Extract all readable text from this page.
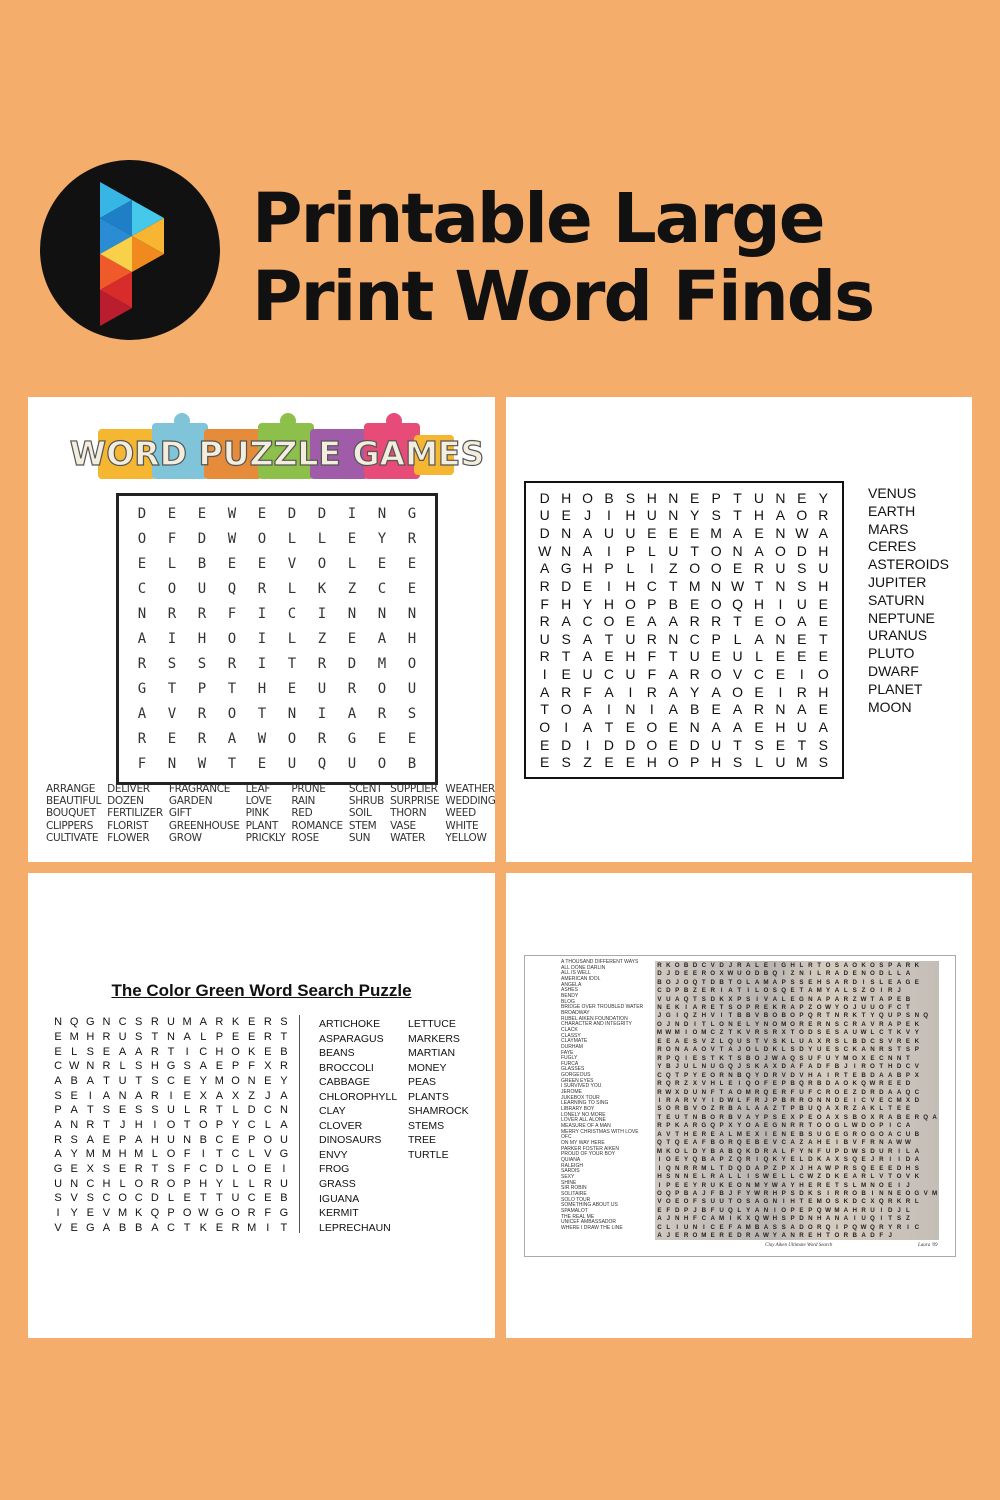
Printable Large
Print Word Finds
WORD PUZZLE GAMES
D	E	E	W	E	D	D	I	N	G
O	F	D	W	O	L	L	E	Y	R
E	L	B	E	E	V	O	L	E	E
C	O	U	Q	R	L	K	Z	C	E
N	R	R	F	I	C	I	N	N	N
A	I	H	O	I	L	Z	E	A	H
R	S	S	R	I	T	R	D	M	O
G	T	P	T	H	E	U	R	O	U
A	V	R	O	T	N	I	A	R	S
R	E	R	A	W	O	R	G	E	E
F	N	W	T	E	U	Q	U	O	B
ARRANGE
BEAUTIFUL
BOUQUET
CLIPPERS
CULTIVATE
DELIVER
DOZEN
FERTILIZER
FLORIST
FLOWER
FRAGRANCE
GARDEN
GIFT
GREENHOUSE
GROW
LEAF
LOVE
PINK
PLANT
PRICKLY
PRUNE
RAIN
RED
ROMANCE
ROSE
SCENT
SHRUB
SOIL
STEM
SUN
SUPPLIER
SURPRISE
THORN
VASE
WATER
WEATHER
WEDDING
WEED
WHITE
YELLOW
D H O B S H N E P T U N E Y
U E J	I	H U N Y S T H A O R
D N A U U E E E M A E N W A
W N A	I	P L U T O N A O D H
A G H P L	I	Z O O E R U S U
R D E	I	H C T M N W T N S H
F H Y H O P B E O Q H	I	U E
R A C O E A A R R T E O A E
U S A T U R N C P L A N E T
R T A E H F T U E U L E E E
I	E U C U F A R O V C E	I	O
A R F A	I	R A Y A O E	I	R H
T O A	I	N	I	A B E A R N A E
O	I	A T E O E N A A E H U A
E D	I	D D O E D U T S E T S
E S Z E E H O P H S L U M S
VENUS
EARTH
MARS
CERES
ASTEROIDS
JUPITER
SATURN
NEPTUNE
URANUS
PLUTO
DWARF
PLANET
MOON
The Color Green Word Search Puzzle
N Q G N C S R U M A R K E R S
E M H R U S T N A L P E E R T
E L S E A A R T	I C H O K E B
C W N R L S H G S A E P F X R
A B A T U T S C E Y M O N E Y
S E I A N A R I E X A X Z J A
P A T S E S S U L R T L D C N
A N R T J H I O T O P Y C L A
R S A E P A H U N B C E P O U
A Y M M H M L O F	I	T C L V G
G E X S E R T S F C D L O E I
U N C H L O R O P H Y L L R U
S V S C O C D L E T T U C E B
I Y E V M K Q P O W G O R F G
V E G A B B A C T K E R M I	T
ARTICHOKE
ASPARAGUS
BEANS
BROCCOLI
CABBAGE
CHLOROPHYLL
CLAY
CLOVER
DINOSAURS
ENVY
FROG
GRASS
IGUANA
KERMIT
LEPRECHAUN
LETTUCE
MARKERS
MARTIAN
MONEY
PEAS
PLANTS
SHAMROCK
STEMS
TREE
TURTLE
A THOUSAND DIFFERENT WAYS
ALL DONE DARLIN
ALL IS WELL
AMERICAN IDOL
ANGELA
ASHES
BENDY
BLOG
BRIDGE OVER TROUBLED WATER
BROADWAY
RUBEL AIKEN FOUNDATION
CHARACTER AND INTEGRITY
CLACK
CLASSY
CLAYMATE
DURHAM
FAYE
FUGLY
FURCA
GLASSES
GORGEOUS
GREEN EYES
I SURVIVED YOU
JEROME
JUKEBOX TOUR
LEARNING TO SING
LIBRARY BOY
LONELY NO MORE
LOVER ALL ALONE
MEASURE OF A MAN
MERRY CHRISTMAS WITH LOVE
OFC
ON MY WAY HERE
PARKER FOSTER AIKEN
PROUD OF YOUR BOY
QUIANA
RALEIGH
SARDIS
SEXY
SHINE
SIR ROBIN
SOLITAIRE
SOLO TOUR
SOMETHING ABOUT US
SPAMALOT
THE REAL ME
UNICEF AMBASSADOR
WHERE I DRAW THE LINE
R K O B D C V D J R A L E I G H L R T O S A O K O S P A R K
D J D E E R O X W U O D B Q I Z N I L R A D E N O D L L A
B O J O Q T D B T O L A M A P S S E H S A R D I S L E A G E
C D P B Z E R I A T I L O S Q E T A M Y A L S Z O I R J
V U A Q T S D K X P S I V A L E G N A P A R Z W T A P E B
N E K I A R E T S O P R E K R A P Z O W Y O J U U O F C T
J G I Q Z H V I T B B V B O B O P Q R T N R K T Y Q U P S N Q
O J N D I T L O N E L Y N O M O R E R N S C R A V R A P E K
M W M I O M C Z T K V R S R X T O D S E S A U W L C T K V Y
E E A E S V Z L Q U S T V S K L U A X R S L B D C S V R E K
R O N A A O V T A J O L D K L S D Y U E S C K A N R S T S P
R P Q I E S T K T S B O J W A Q S U F U Y M O X E C N N T
Y B J U L N U G Q J S K A X D A F A D F B J	I R O T H D C V
C Q T P Y E O R N B Q Y D R V D V H A I R T E B D A A B P X
R Q R Z X V H L E I Q O F E P B Q R B D A O K Q W R E E D
R W X D U N F T A O M R Q E R F U F C R O E Z D R D A A Q C
I R A R V Y I D W L F R J P B R R O N N D E I C V E C M X D
S O R B V O Z R B A L A A Z T P B U Q A X R Z A K L T E E
T E U T N B O R B V A Y P S E X P E O A X S B O X R A B E R Q A
R P K A R G Q P X Y O A E G N R R T O O G L W D O P I C A
A V T H E R E A L M E X I E N E B S U G E G R O G O A C U B
Q T Q E A F B O R Q E B E V C A Z A H E I B V F R N A W W
M K O L D Y B A B Q K D R A L F Y N F U P D W S D U R I L A
I O E Y Q B A P Z Q R I Q K Y E L D K A X S Q E J R I	I D A
I Q N R R M L T D Q D A P Z P X J H A W P R S Q E E E D H S
H S N N E L R A L L I S W E L L C W Z D K E A R L V T O V K
I P E E Y R U K E O N M Y W A Y H E R E T S L M N O E I	J
O Q P B A J F B J F Y W R H P S D K S I R R O B I N N E O G V M
V O E O F S U U T O S A G N I H T E M O S K D C X Q R K R L
E F D P J B F U Q L Y A N I O P E P Q W M A H R U I D J L
A J N H F C A M I K X Q W H S P D N H A N A I U Q I T S Z
C L I U N I C E F A M B A S S A D O R Q I P Q W Q R Y R I C
A J E R O M E R E D R A W Y A N R E H T O R B A D F J
Clay Aiken Ultimate Word Search	Laura '09
